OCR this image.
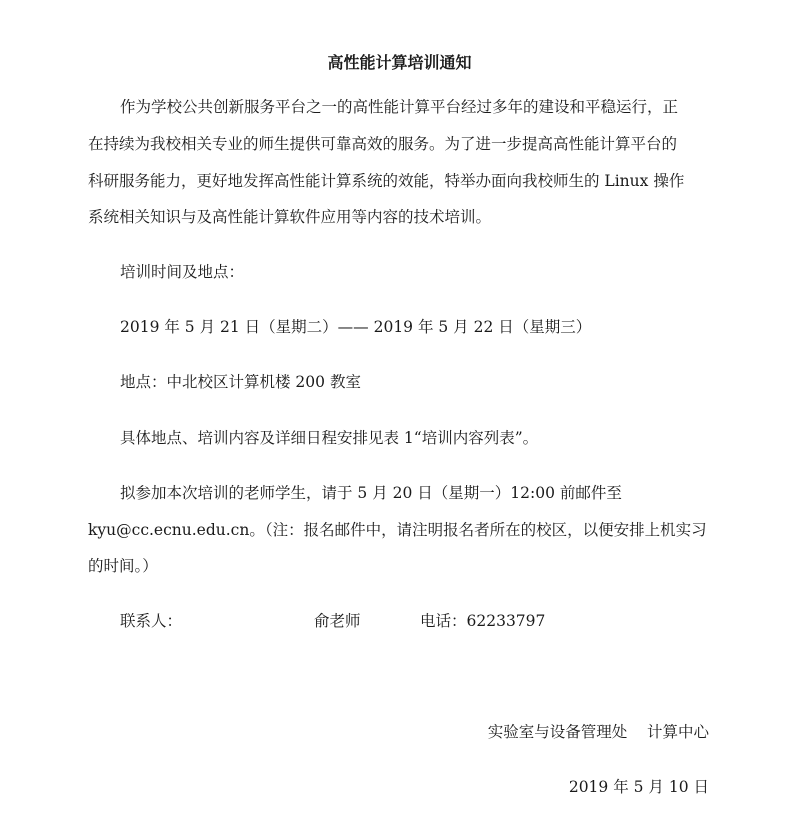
高性能计算培训通知

作为学校公共创新服务平台之一的高性能计算平台经过多年的建设和平稳运行，正

在持续为我校相关专业的师生提供可靠高效的服务。为了进一步提高高性能计算平台的

科研服务能力，更好地发挥高性能计算系统的效能，特举办面向我校师生的 Linux 操作

系统相关知识与及高性能计算软件应用等内容的技术培训。

培训时间及地点：

2019 年 5 月 21 日（星期二）—— 2019 年 5 月 22 日（星期三）

地点：中北校区计算机楼 200 教室

具体地点、培训内容及详细日程安排见表 1“培训内容列表”。

拟参加本次培训的老师学生，请于 5 月 20 日（星期一）12:00 前邮件至

kyu@cc.ecnu.edu.cn。（注：报名邮件中，请注明报名者所在的校区，以便安排上机实习

的时间。）

联系人：	俞老师	电话：62233797

实验室与设备管理处    计算中心

2019 年 5 月 10 日
